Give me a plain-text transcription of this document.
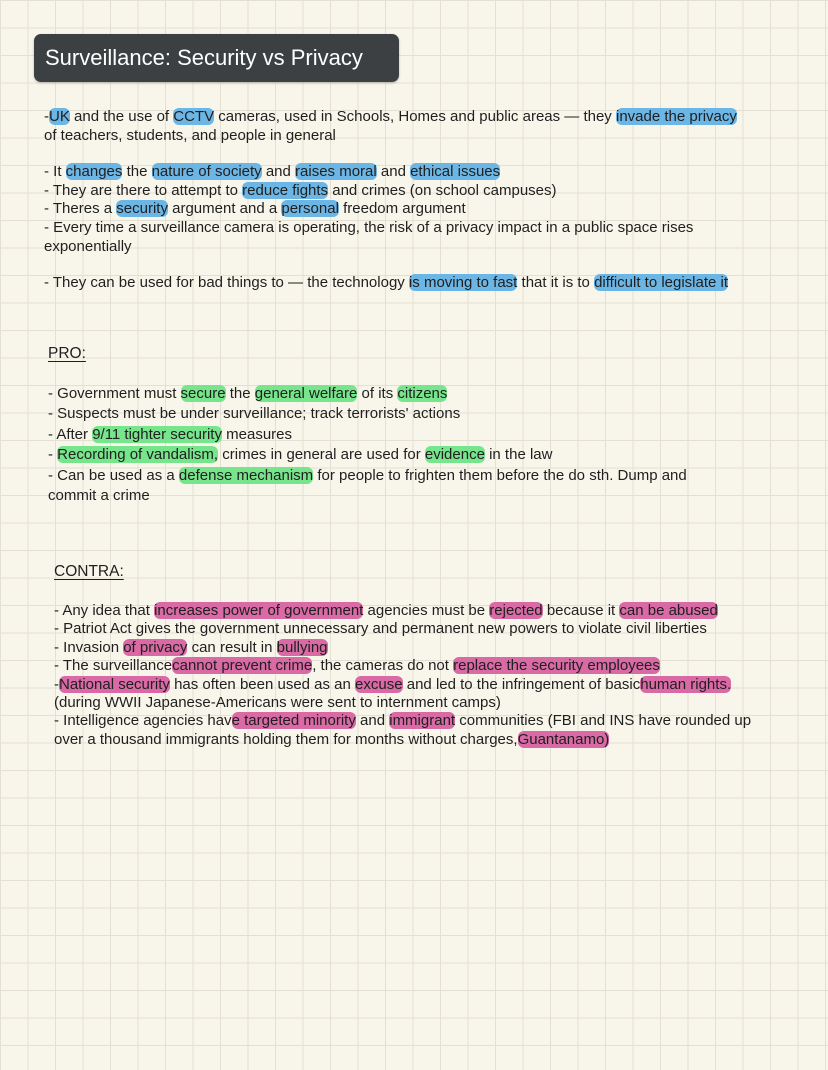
Surveillance: Security vs Privacy

-UK and the use of CCTV cameras, used in Schools, Homes and public areas — they invade the privacy

of teachers, students, and people in general

- It changes the nature of society and raises moral and ethical issues

- They are there to attempt to reduce fights and crimes (on school campuses)

- Theres a security argument and a personal freedom argument

- Every time a surveillance camera is operating, the risk of a privacy impact in a public space rises

exponentially

- They can be used for bad things to — the technology is moving to fast that it is to difficult to legislate it

PRO:

- Government must secure the general welfare of its citizens

- Suspects must be under surveillance; track terrorists' actions

- After 9/11 tighter security measures

- Recording of vandalism, crimes in general are used for evidence in the law

- Can be used as a defense mechanism for people to frighten them before the do sth. Dump and

commit a crime

CONTRA:

- Any idea that increases power of government agencies must be rejected because it can be abused

- Patriot Act gives the government unnecessary and permanent new powers to violate civil liberties

- Invasion of privacy can result in bullying

- The surveillancecannot prevent crime, the cameras do not replace the security employees

-National security has often been used as an excuse and led to the infringement of basichuman rights.

(during WWII Japanese-Americans were sent to internment camps)

- Intelligence agencies have targeted minority and immigrant communities (FBI and INS have rounded up

over a thousand immigrants holding them for months without charges,Guantanamo)
